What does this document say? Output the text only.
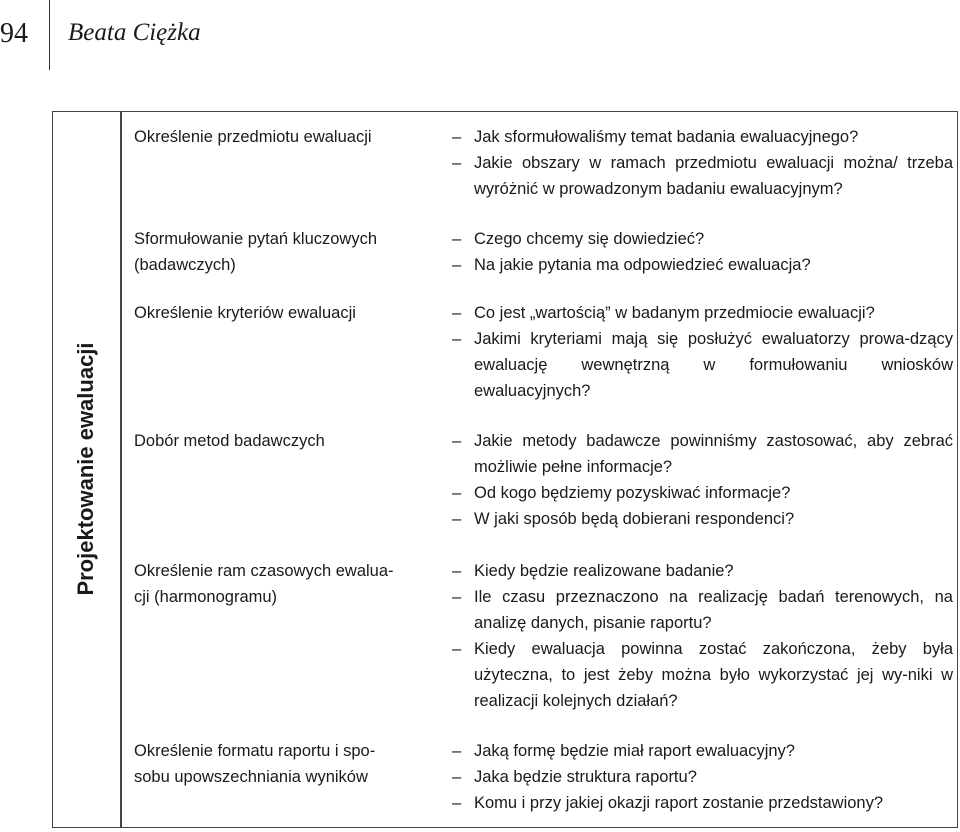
94 Beata Ciężka
Projektowanie ewaluacji
Określenie przedmiotu ewaluacji	– Jak sformułowaliśmy temat badania ewaluacyjnego?
– Jakie obszary w ramach przedmiotu ewaluacji można/ trzeba wyróżnić w prowadzonym badaniu ewaluacyjnym?
Sformułowanie pytań kluczowych
(badawczych)
– Czego chcemy się dowiedzieć?
– Na jakie pytania ma odpowiedzieć ewaluacja?
Określenie kryteriów ewaluacji	– Co jest „wartością” w badanym przedmiocie ewaluacji?
– Jakimi kryteriami mają się posłużyć ewaluatorzy prowa-dzący ewaluację wewnętrzną w formułowaniu wniosków ewaluacyjnych?
Dobór metod badawczych	– Jakie metody badawcze powinniśmy zastosować, aby zebrać możliwie pełne informacje?
– Od kogo będziemy pozyskiwać informacje?
– W jaki sposób będą dobierani respondenci?
Określenie ram czasowych ewalua-
cji (harmonogramu)
– Kiedy będzie realizowane badanie?
– Ile czasu przeznaczono na realizację badań terenowych, na analizę danych, pisanie raportu?
– Kiedy ewaluacja powinna zostać zakończona, żeby była użyteczna, to jest żeby można było wykorzystać jej wy-niki w realizacji kolejnych działań?
Określenie formatu raportu i spo-
sobu upowszechniania wyników
– Jaką formę będzie miał raport ewaluacyjny?
– Jaka będzie struktura raportu?
– Komu i przy jakiej okazji raport zostanie przedstawiony?
